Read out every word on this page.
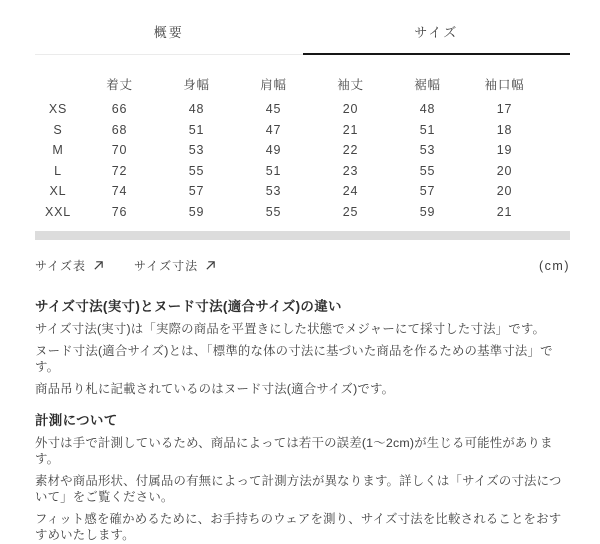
概要	サイズ
	着丈	身幅	肩幅	袖丈	裾幅	袖口幅
XS	66	48	45	20	48	17
S	68	51	47	21	51	18
M	70	53	49	22	53	19
L	72	55	51	23	55	20
XL	74	57	53	24	57	20
XXL	76	59	55	25	59	21
サイズ表	サイズ寸法	(cm)
サイズ寸法(実寸)とヌード寸法(適合サイズ)の違い

サイズ寸法(実寸)は「実際の商品を平置きにした状態でメジャーにて採寸した寸法」です。

ヌード寸法(適合サイズ)とは、「標準的な体の寸法に基づいた商品を作るための基準寸法」です。

商品吊り札に記載されているのはヌード寸法(適合サイズ)です。

計測について

外寸は手で計測しているため、商品によっては若干の誤差(1〜2cm)が生じる可能性があります。

素材や商品形状、付属品の有無によって計測方法が異なります。詳しくは「サイズの寸法について」をご覧ください。

フィット感を確かめるために、お手持ちのウェアを測り、サイズ寸法を比較されることをおすすめいたします。
